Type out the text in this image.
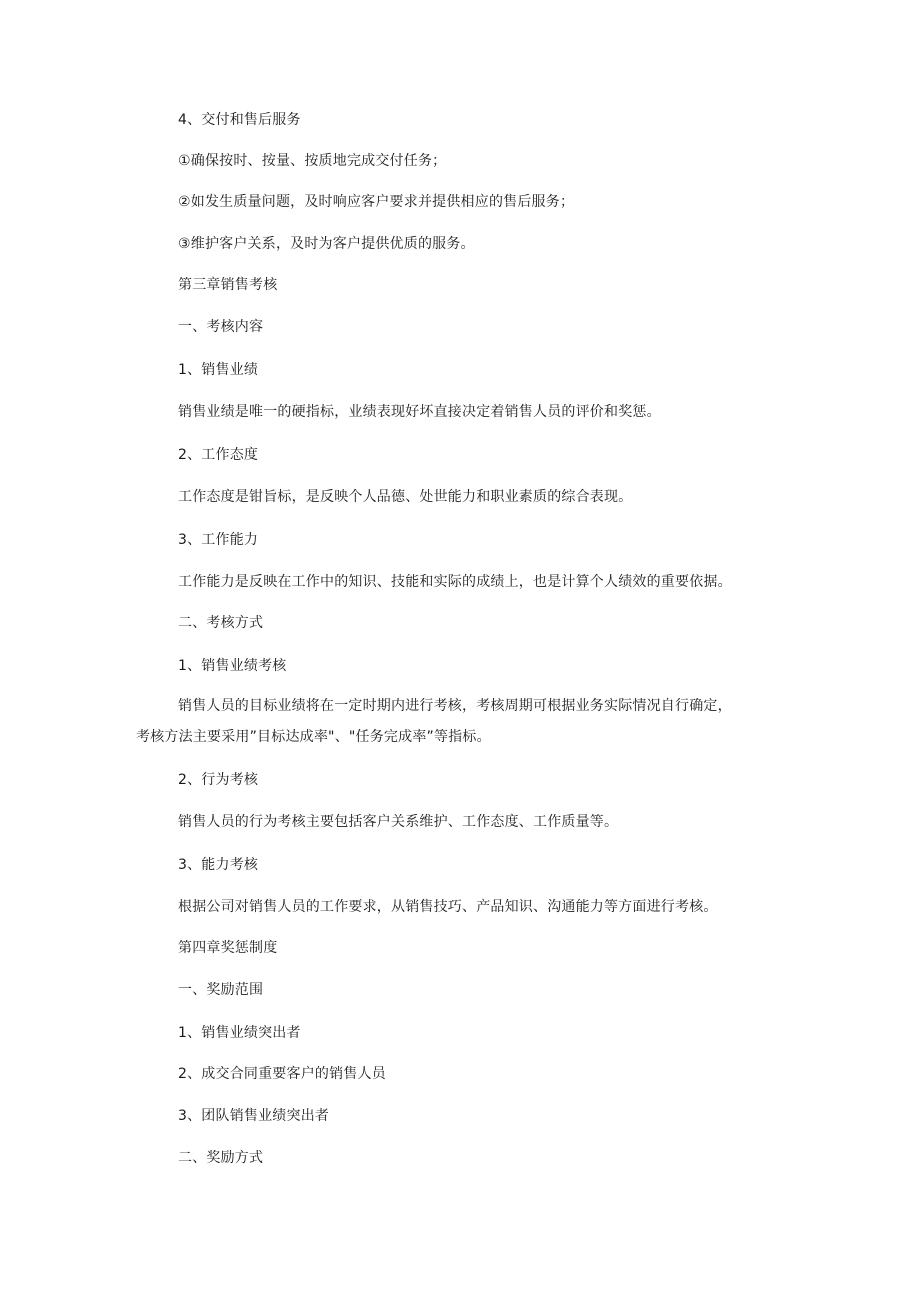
4、交付和售后服务
①确保按时、按量、按质地完成交付任务；
②如发生质量问题，及时响应客户要求并提供相应的售后服务；
③维护客户关系，及时为客户提供优质的服务。
第三章销售考核
一、考核内容
1、销售业绩
销售业绩是唯一的硬指标，业绩表现好坏直接决定着销售人员的评价和奖惩。
2、工作态度
工作态度是钳旨标，是反映个人品德、处世能力和职业素质的综合表现。
3、工作能力
工作能力是反映在工作中的知识、技能和实际的成绩上，也是计算个人绩效的重要依据。
二、考核方式
1、销售业绩考核
销售人员的目标业绩将在一定时期内进行考核，考核周期可根据业务实际情况自行确定，
考核方法主要采用”目标达成率"、"任务完成率”等指标。
2、行为考核
销售人员的行为考核主要包括客户关系维护、工作态度、工作质量等。
3、能力考核
根据公司对销售人员的工作要求，从销售技巧、产品知识、沟通能力等方面进行考核。
第四章奖惩制度
一、奖励范围
1、销售业绩突出者
2、成交合同重要客户的销售人员
3、团队销售业绩突出者
二、奖励方式
